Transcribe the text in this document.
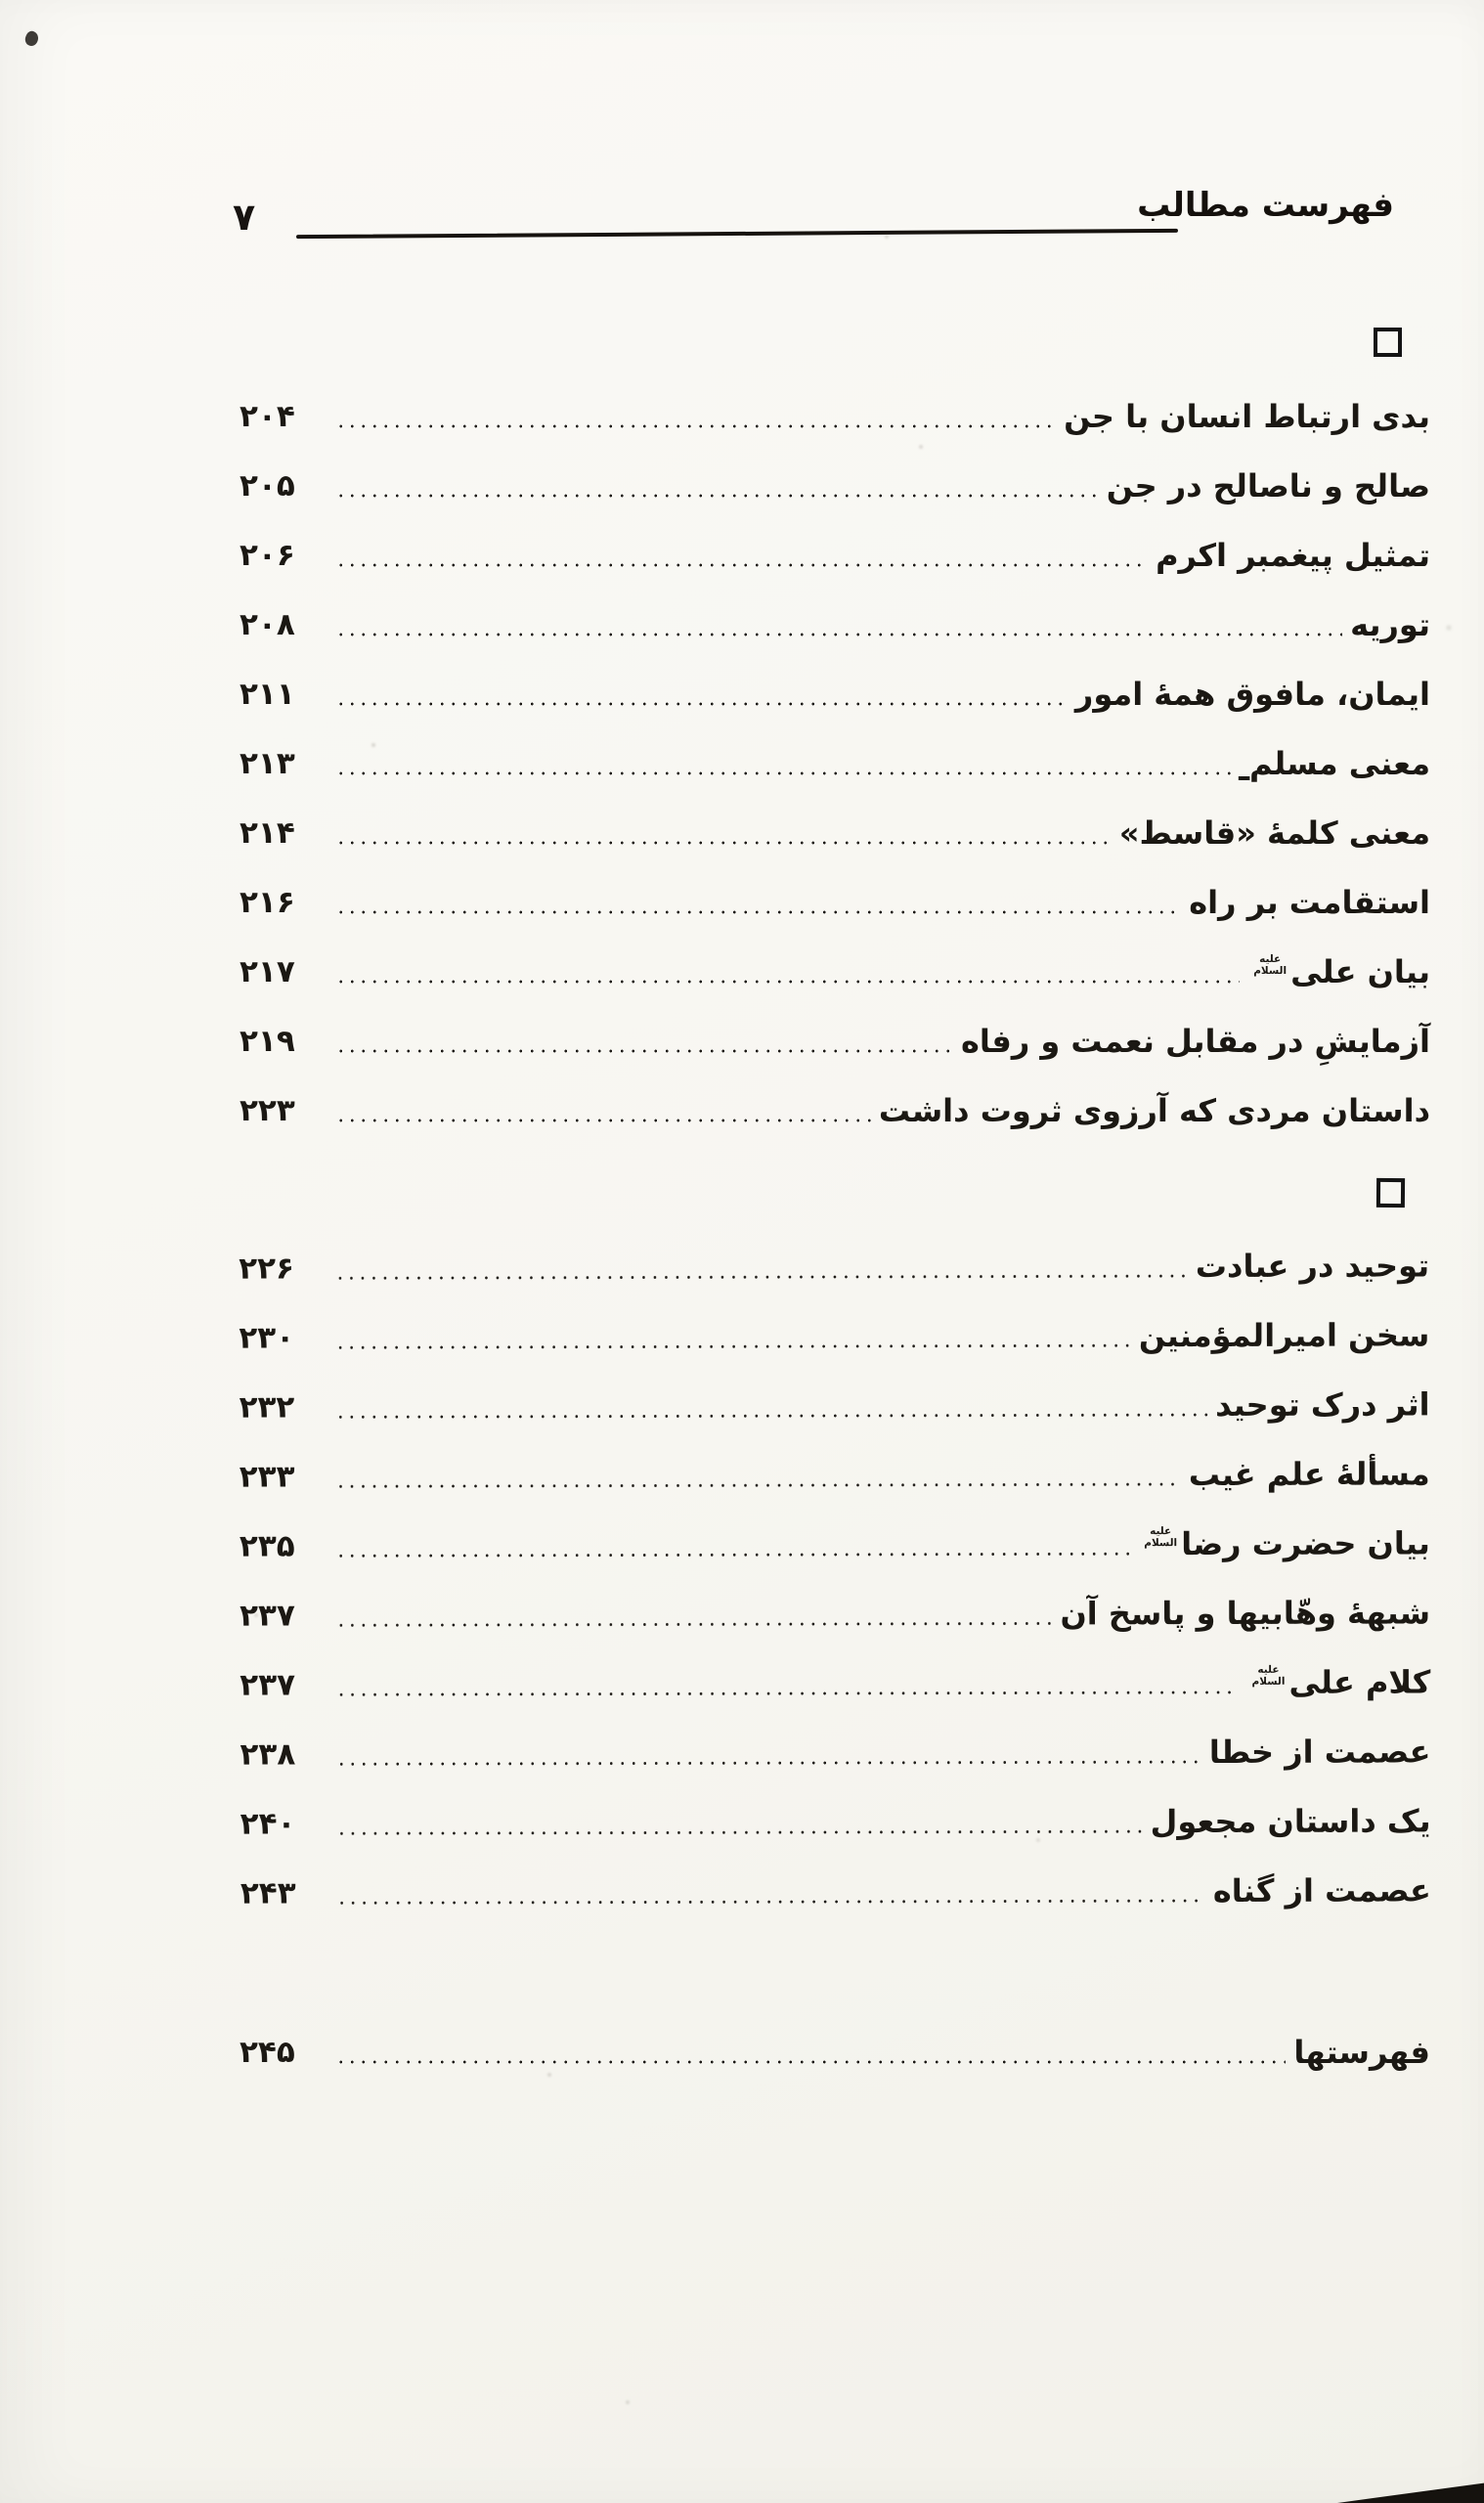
۷	فهرست مطالب
بدی ارتباط انسان با جن
۲۰۴
صالح و ناصالح در جن
۲۰۵
تمثیل پیغمبر اکرم
۲۰۶
توریه
۲۰۸
ایمان، مافوق همهٔ امور
۲۱۱
معنی مسلم
ـ
۲۱۳
معنی کلمهٔ «قاسط»
۲۱۴
استقامت بر راه
۲۱۶
بیان علی
علیه السلام
۲۱۷
آزمایشِ در مقابل نعمت و رفاه
۲۱۹
داستان مردی که آرزوی ثروت داشت
۲۲۳
توحید در عبادت
۲۲۶
سخن امیرالمؤمنین
۲۳۰
اثر درک توحید
۲۳۲
مسألهٔ علم غیب
۲۳۳
بیان حضرت رضا
علیه السلام
۲۳۵
شبههٔ وهّابیها و پاسخ آن
۲۳۷
کلام علی
علیه السلام
۲۳۷
عصمت از خطا
۲۳۸
یک داستان مجعول
۲۴۰
عصمت از گناه
۲۴۳
فهرستها
۲۴۵
